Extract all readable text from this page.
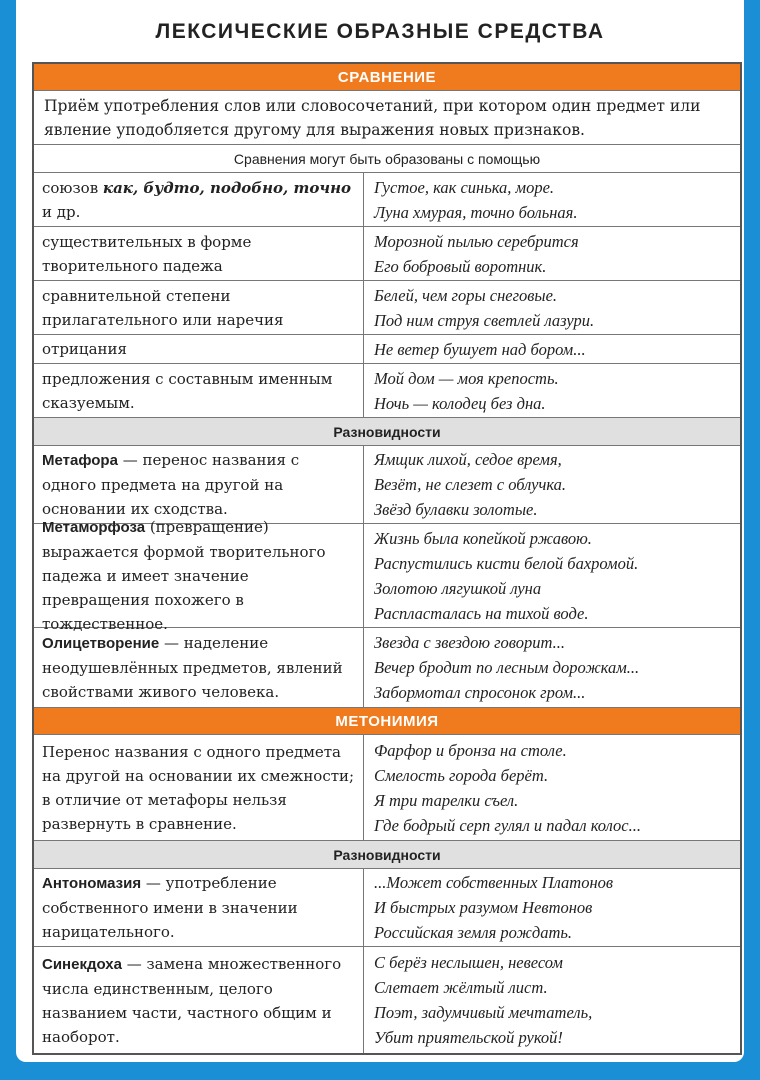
ЛЕКСИЧЕСКИЕ ОБРАЗНЫЕ СРЕДСТВА
СРАВНЕНИЕ
Приём употребления слов или словосочетаний, при котором один предмет или явление уподобляется другому для выражения новых признаков.
Сравнения могут быть образованы с помощью
союзов как, будто, подобно, точно и др.
Густое, как синька, море.
Луна хмурая, точно больная.
существительных в форме творительного падежа
Морозной пылью серебрится
Его бобровый воротник.
сравнительной степени прилагательного или наречия
Белей, чем горы снеговые.
Под ним струя светлей лазури.
отрицания	Не ветер бушует над бором...
предложения с составным именным сказуемым.
Мой дом — моя крепость.
Ночь — колодец без дна.
Разновидности
Метафора — перенос названия с одного предмета на другой на основании их сходства.
Ямщик лихой, седое время,
Везёт, не слезет с облучка.
Звёзд булавки золотые.
Метаморфоза (превращение) выражается формой творительного падежа и имеет значение превращения похожего в тождественное.
Жизнь была копейкой ржавою.
Распустились кисти белой бахромой.
Золотою лягушкой луна
Распласталась на тихой воде.
Олицетворение — наделение неодушевлённых предметов, явлений свойствами живого человека.
Звезда с звездою говорит...
Вечер бродит по лесным дорожкам...
Забормотал спросонок гром...
МЕТОНИМИЯ
Перенос названия с одного предмета на другой на основании их смежности; в отличие от метафоры нельзя развернуть в сравнение.
Фарфор и бронза на столе.
Смелость города берёт.
Я три тарелки съел.
Где бодрый серп гулял и падал колос...
Разновидности
Антономазия — употребление собственного имени в значении нарицательного.
...Может собственных Платонов
И быстрых разумом Невтонов
Российская земля рождать.
Синекдоха — замена множественного числа единственным, целого названием части, частного общим и наоборот.
С берёз неслышен, невесом
Слетает жёлтый лист.
Поэт, задумчивый мечтатель,
Убит приятельской рукой!
